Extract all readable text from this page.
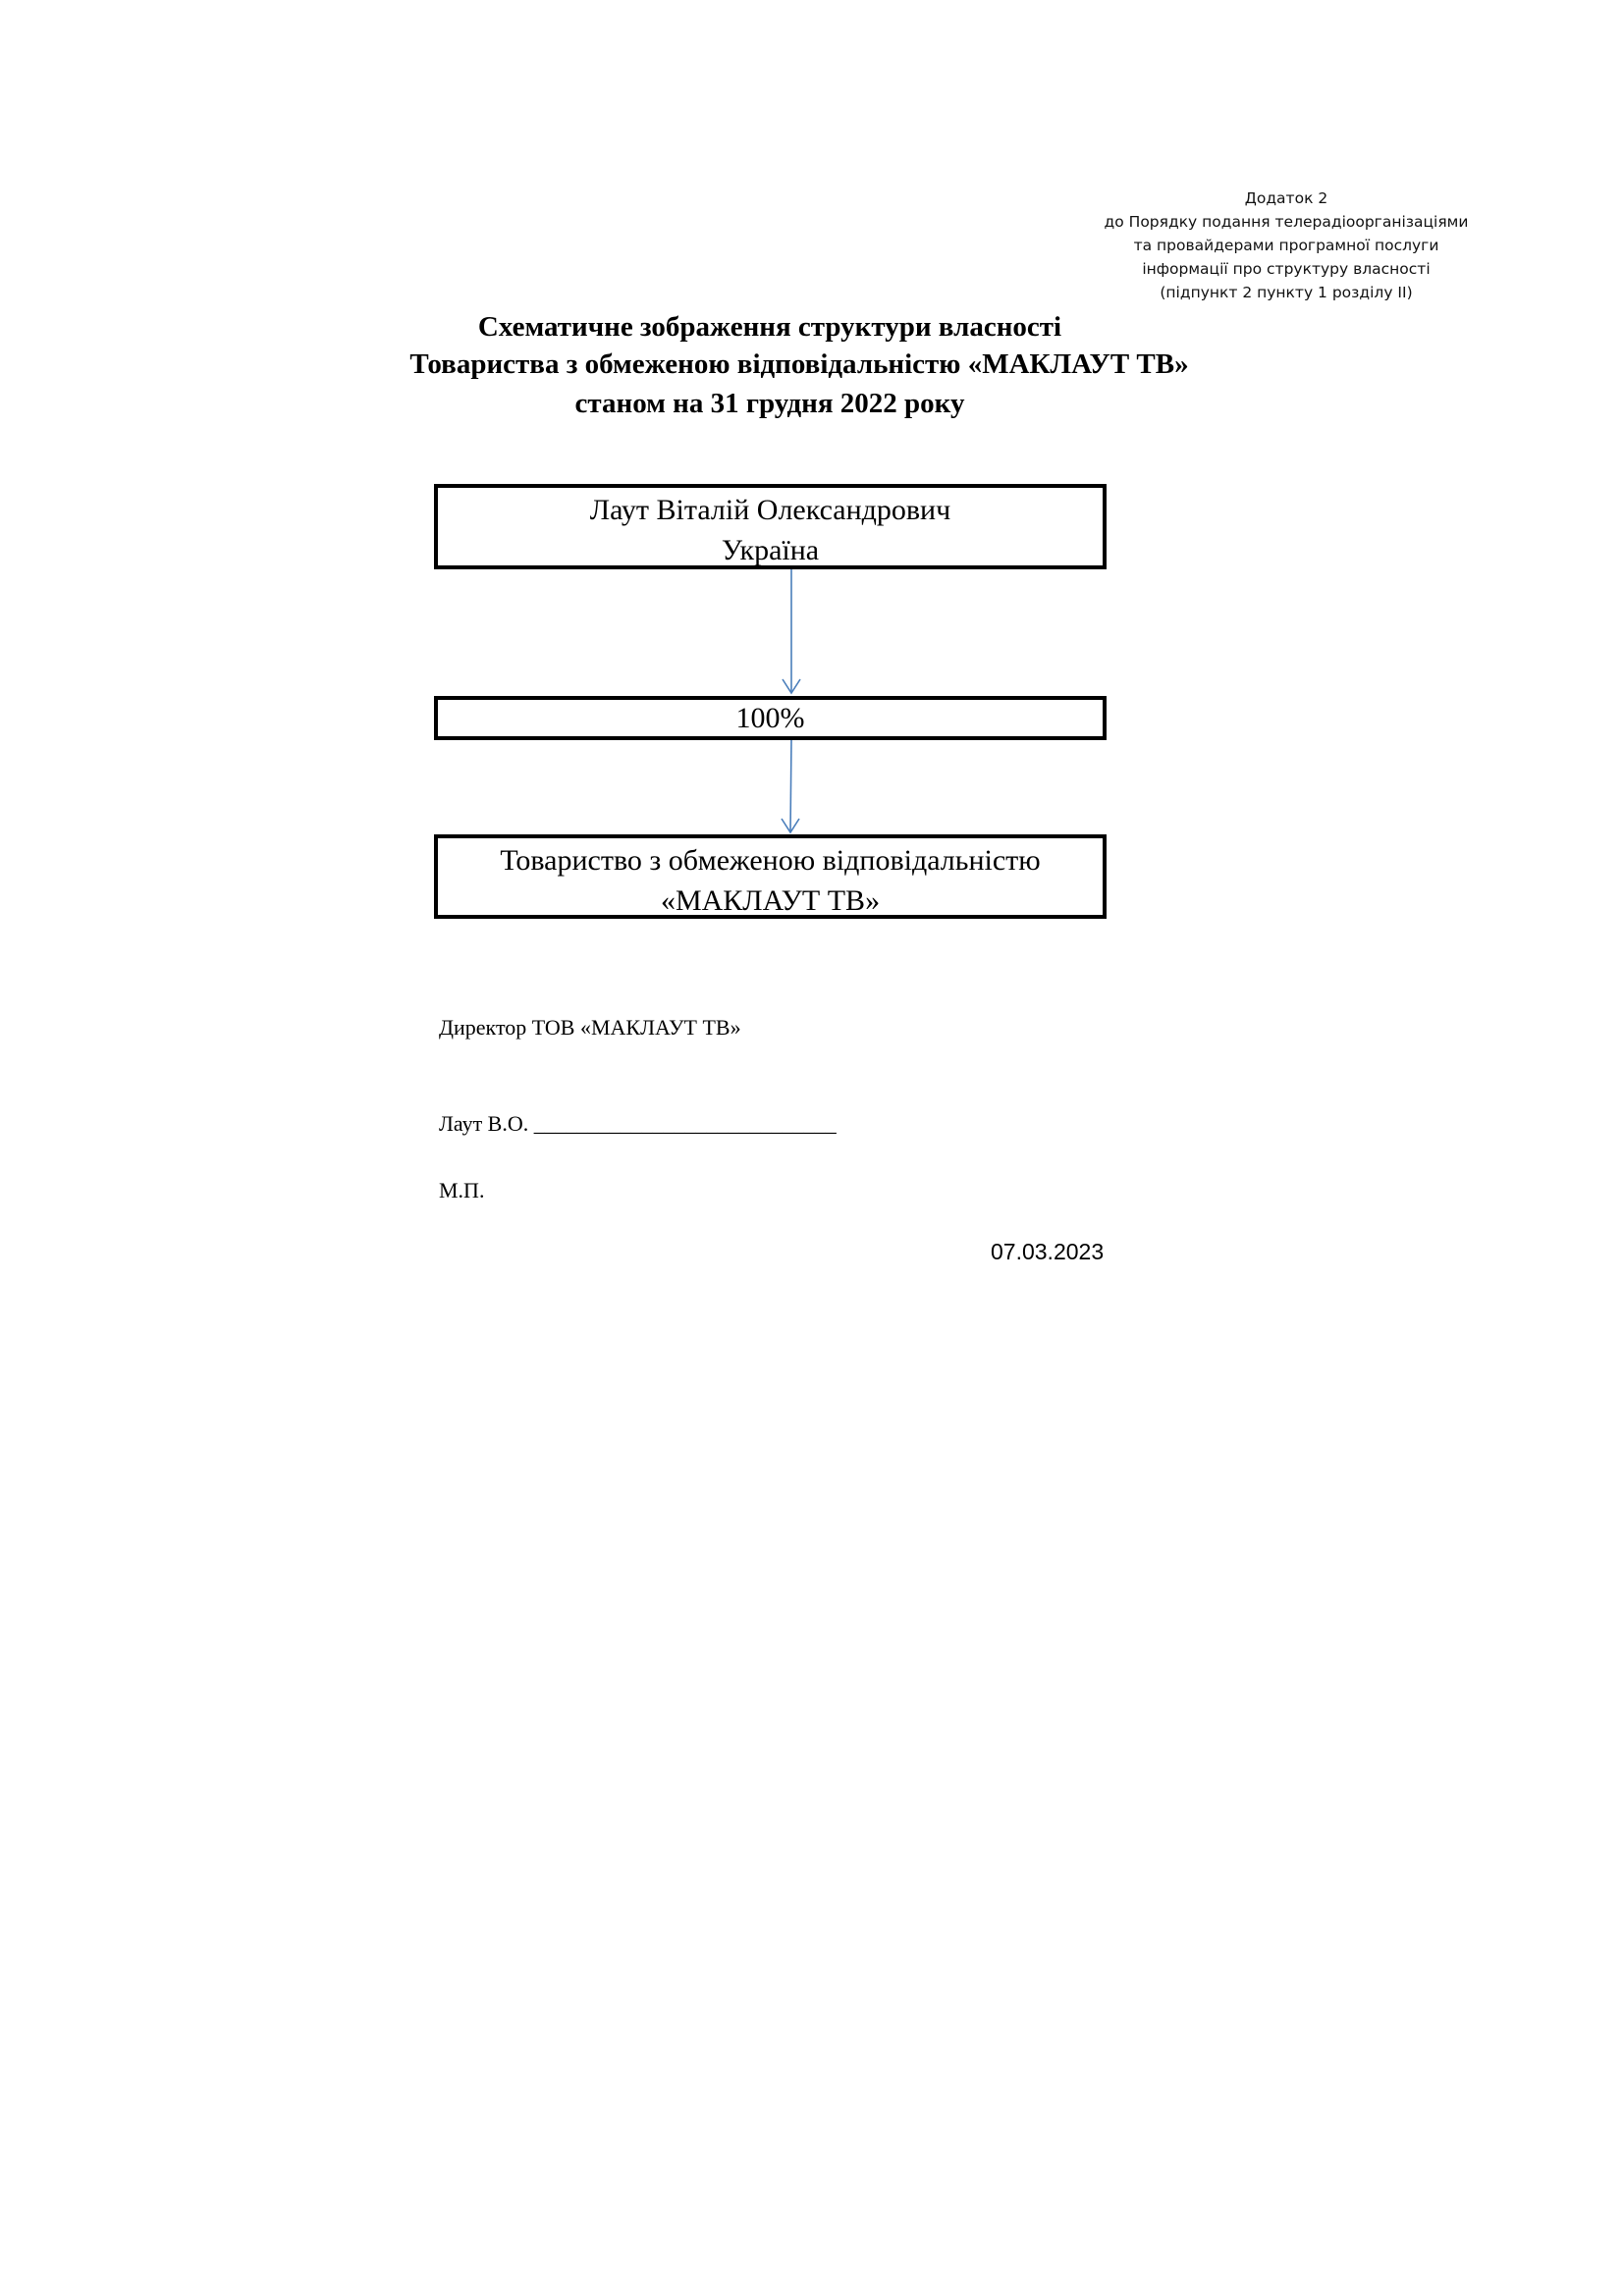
Додаток 2
до Порядку подання телерадіоорганізаціями
та провайдерами програмної послуги
інформації про структуру власності
(підпункт 2 пункту 1 розділу ІІ)
Схематичне зображення структури власності
Товариства з обмеженою відповідальністю «МАКЛАУТ ТВ»
станом на 31 грудня 2022 року
Лаут Віталій Олександрович
Україна
100%
Товариство з обмеженою відповідальністю
«МАКЛАУТ ТВ»
Директор ТОВ «МАКЛАУТ ТВ»
Лаут В.О. ____________________________
М.П.
07.03.2023
